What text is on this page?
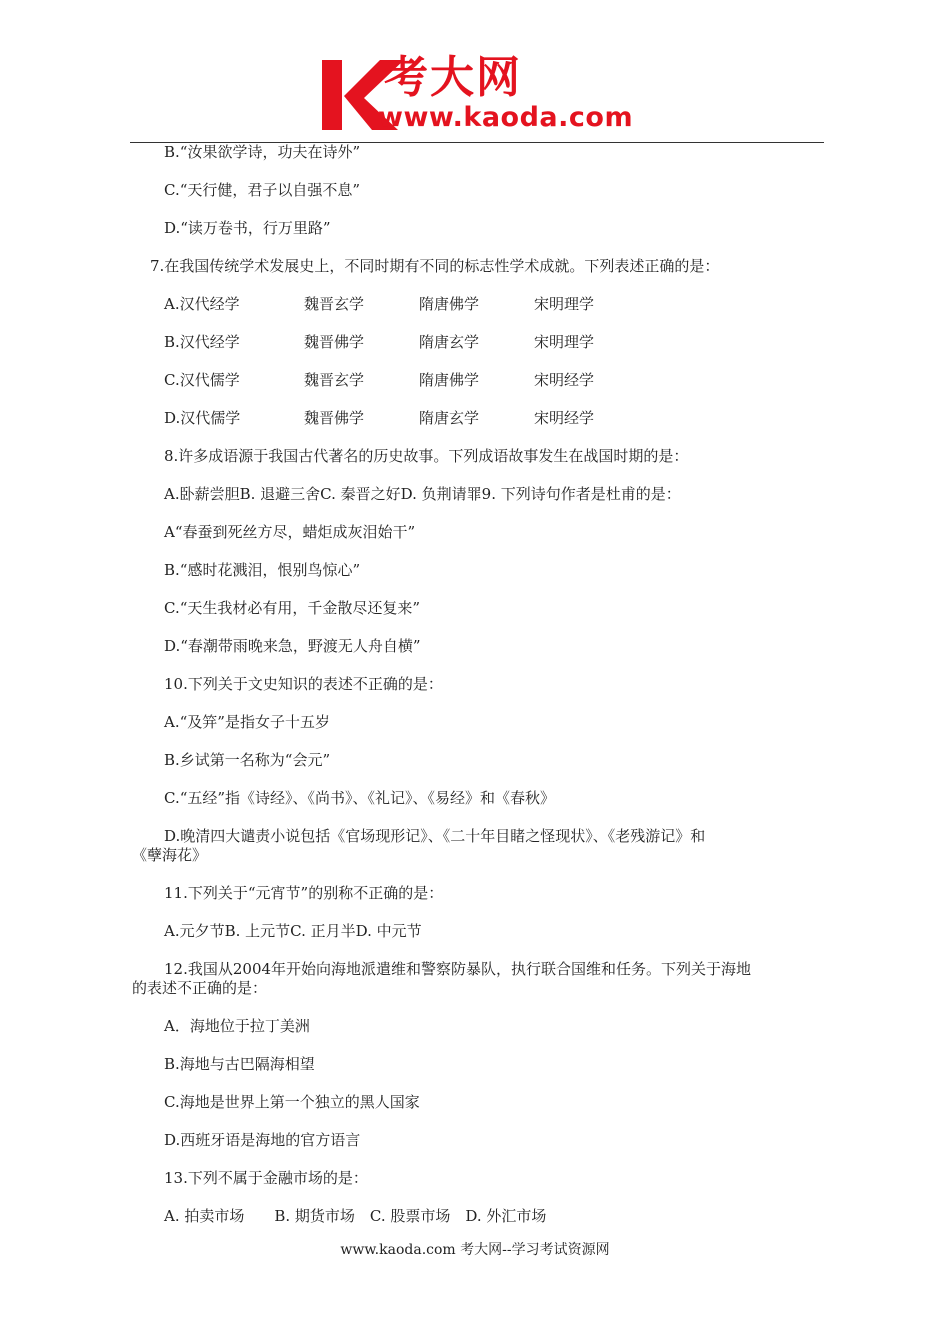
考大网
www.kaoda.com
B.“汝果欲学诗，功夫在诗外”
C.“天行健，君子以自强不息”
D.“读万卷书，行万里路”
7.在我国传统学术发展史上，不同时期有不同的标志性学术成就。下列表述正确的是：
A.汉代经学	魏晋玄学	隋唐佛学	宋明理学
B.汉代经学	魏晋佛学	隋唐玄学	宋明理学
C.汉代儒学	魏晋玄学	隋唐佛学	宋明经学
D.汉代儒学	魏晋佛学	隋唐玄学	宋明经学
8.许多成语源于我国古代著名的历史故事。下列成语故事发生在战国时期的是：
A.卧薪尝胆B. 退避三舍C. 秦晋之好D. 负荆请罪9. 下列诗句作者是杜甫的是：
A“春蚕到死丝方尽，蜡炬成灰泪始干”
B.“感时花溅泪，恨别鸟惊心”
C.“天生我材必有用，千金散尽还复来”
D.“春潮带雨晚来急，野渡无人舟自横”
10.下列关于文史知识的表述不正确的是：
A.“及笄”是指女子十五岁
B.乡试第一名称为“会元”
C.“五经”指《诗经》、《尚书》、《礼记》、《易经》和《春秋》
D.晚清四大谴责小说包括《官场现形记》、《二十年目睹之怪现状》、《老残游记》和
《孽海花》
11.下列关于“元宵节”的别称不正确的是：
A.元夕节B. 上元节C. 正月半D. 中元节
12.我国从2004年开始向海地派遣维和警察防暴队，执行联合国维和任务。下列关于海地
的表述不正确的是：
A．海地位于拉丁美洲
B.海地与古巴隔海相望
C.海地是世界上第一个独立的黑人国家
D.西班牙语是海地的官方语言
13.下列不属于金融市场的是：
A. 拍卖市场　　B. 期货市场　C. 股票市场　D. 外汇市场
www.kaoda.com 考大网--学习考试资源网
